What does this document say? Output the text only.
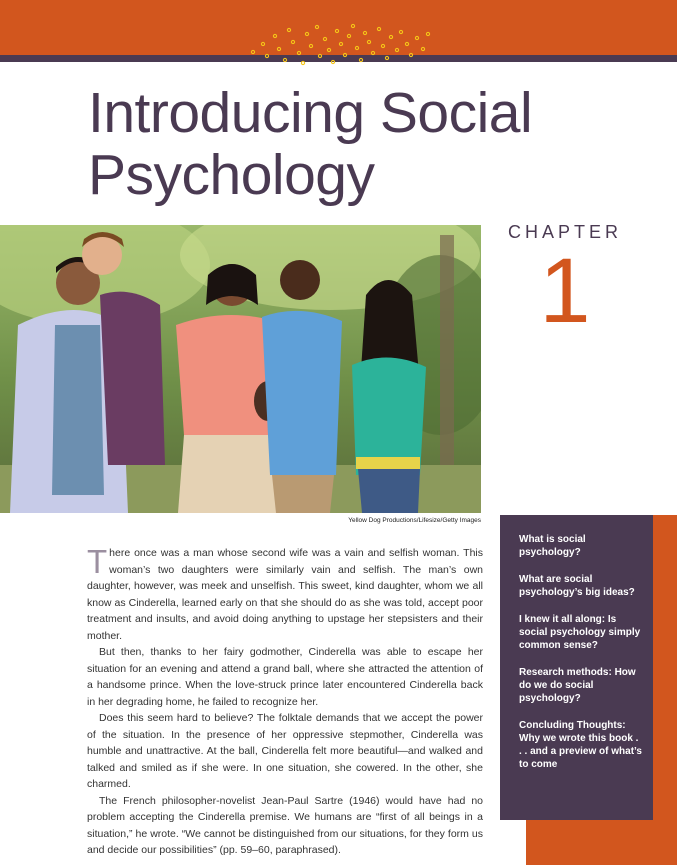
Introducing Social Psychology
CHAPTER
1
Yellow Dog Productions/Lifesize/Getty Images

There once was a man whose second wife was a vain and selfish woman. This woman’s two daughters were similarly vain and selfish. The man’s own daughter, however, was meek and unselfish. This sweet, kind daughter, whom we all know as Cinderella, learned early on that she should do as she was told, accept poor treatment and insults, and avoid doing anything to upstage her stepsisters and their mother.

But then, thanks to her fairy godmother, Cinderella was able to escape her situation for an evening and attend a grand ball, where she attracted the attention of a handsome prince. When the love-struck prince later encountered Cinderella back in her degrading home, he failed to recognize her.

Does this seem hard to believe? The folktale demands that we accept the power of the situation. In the presence of her oppressive stepmother, Cinderella was humble and unattractive. At the ball, Cinderella felt more beautiful—and walked and talked and smiled as if she were. In one situation, she cowered. In the other, she charmed.

The French philosopher-novelist Jean-Paul Sartre (1946) would have had no problem accepting the Cinderella premise. We humans are “first of all beings in a situation,” he wrote. “We cannot be distinguished from our situations, for they form us and decide our possibilities” (pp. 59–60, paraphrased).

What is social psychology?
What are social psychology’s big ideas?
I knew it all along: Is social psychology simply common sense?
Research methods: How do we do social psychology?
Concluding Thoughts: Why we wrote this book . . . and a preview of what’s to come
